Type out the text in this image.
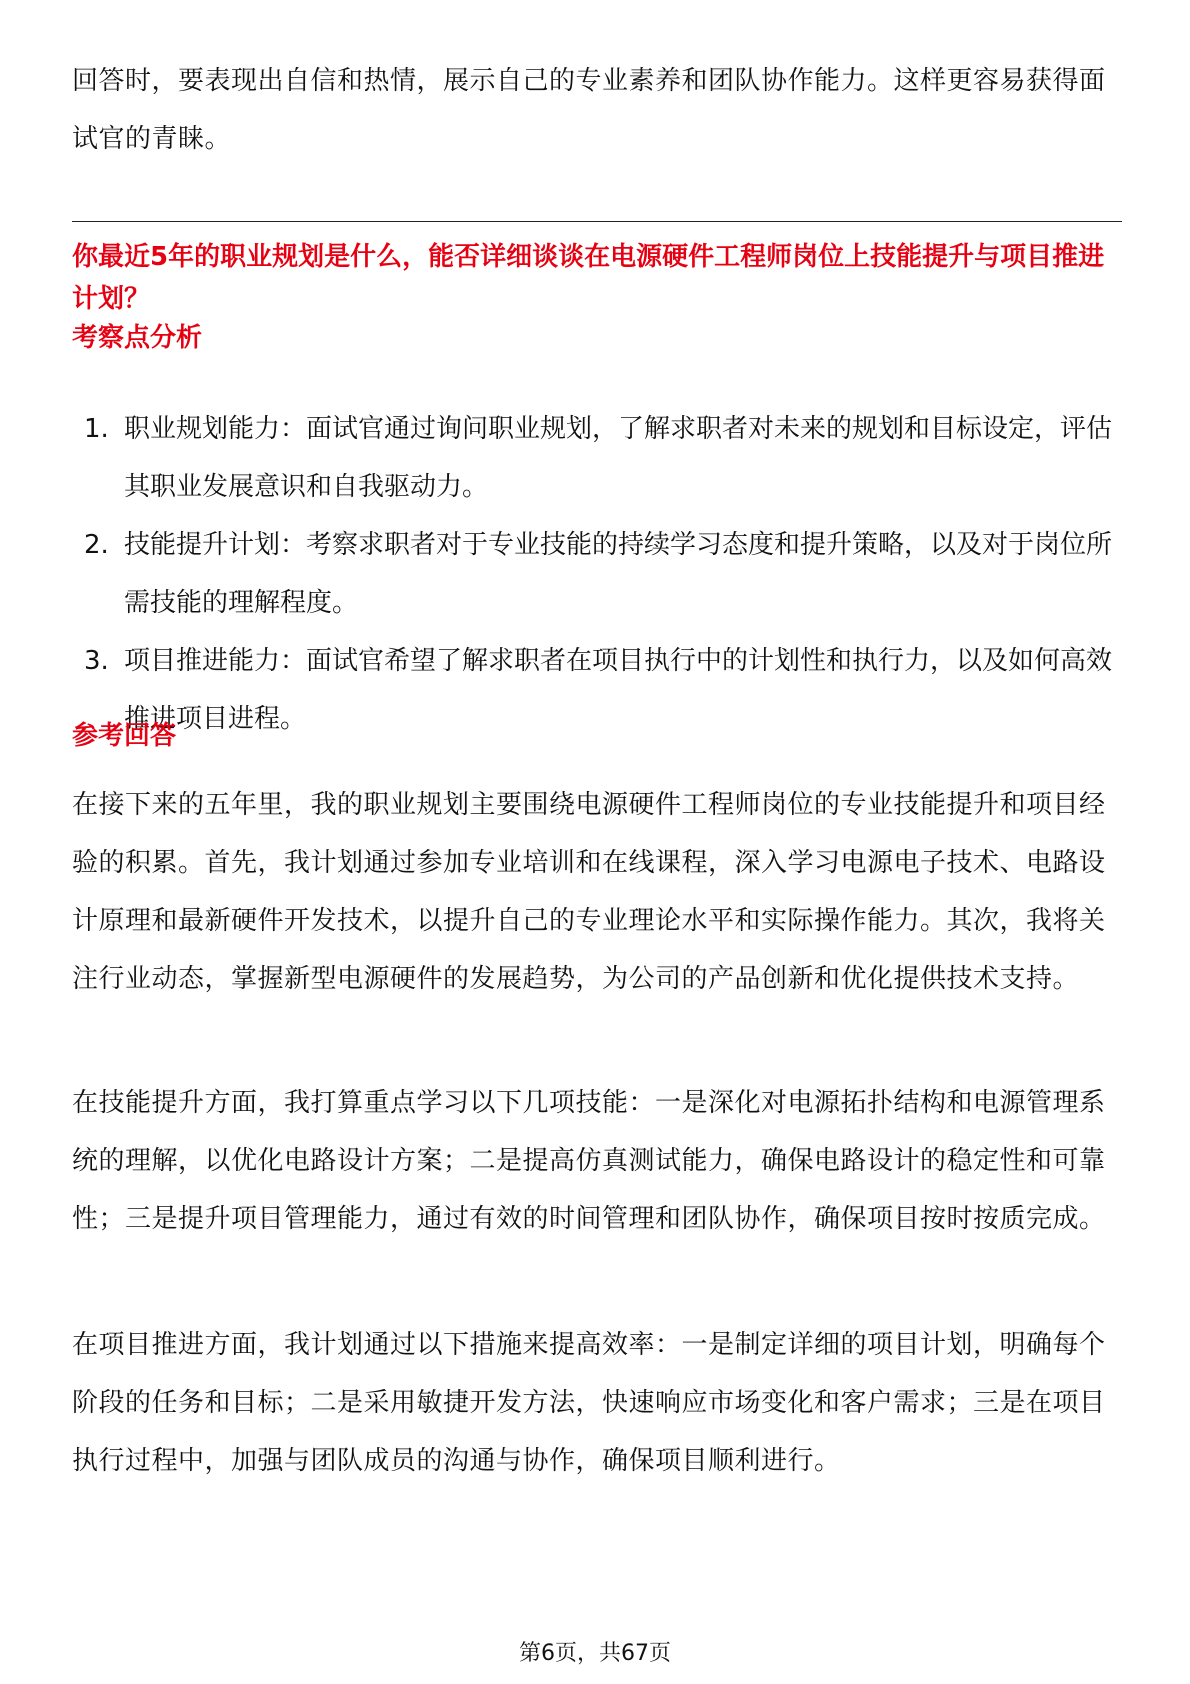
回答时，要表现出自信和热情，展示自己的专业素养和团队协作能力。这样更容易获得面试官的青睐。

你最近5年的职业规划是什么，能否详细谈谈在电源硬件工程师岗位上技能提升与项目推进计划？

考察点分析

1. 职业规划能力：面试官通过询问职业规划，了解求职者对未来的规划和目标设定，评估其职业发展意识和自我驱动力。
2. 技能提升计划：考察求职者对于专业技能的持续学习态度和提升策略，以及对于岗位所需技能的理解程度。
3. 项目推进能力：面试官希望了解求职者在项目执行中的计划性和执行力，以及如何高效推进项目进程。

参考回答

在接下来的五年里，我的职业规划主要围绕电源硬件工程师岗位的专业技能提升和项目经验的积累。首先，我计划通过参加专业培训和在线课程，深入学习电源电子技术、电路设计原理和最新硬件开发技术，以提升自己的专业理论水平和实际操作能力。其次，我将关注行业动态，掌握新型电源硬件的发展趋势，为公司的产品创新和优化提供技术支持。

在技能提升方面，我打算重点学习以下几项技能：一是深化对电源拓扑结构和电源管理系统的理解，以优化电路设计方案；二是提高仿真测试能力，确保电路设计的稳定性和可靠性；三是提升项目管理能力，通过有效的时间管理和团队协作，确保项目按时按质完成。

在项目推进方面，我计划通过以下措施来提高效率：一是制定详细的项目计划，明确每个阶段的任务和目标；二是采用敏捷开发方法，快速响应市场变化和客户需求；三是在项目执行过程中，加强与团队成员的沟通与协作，确保项目顺利进行。

第6页，共67页
